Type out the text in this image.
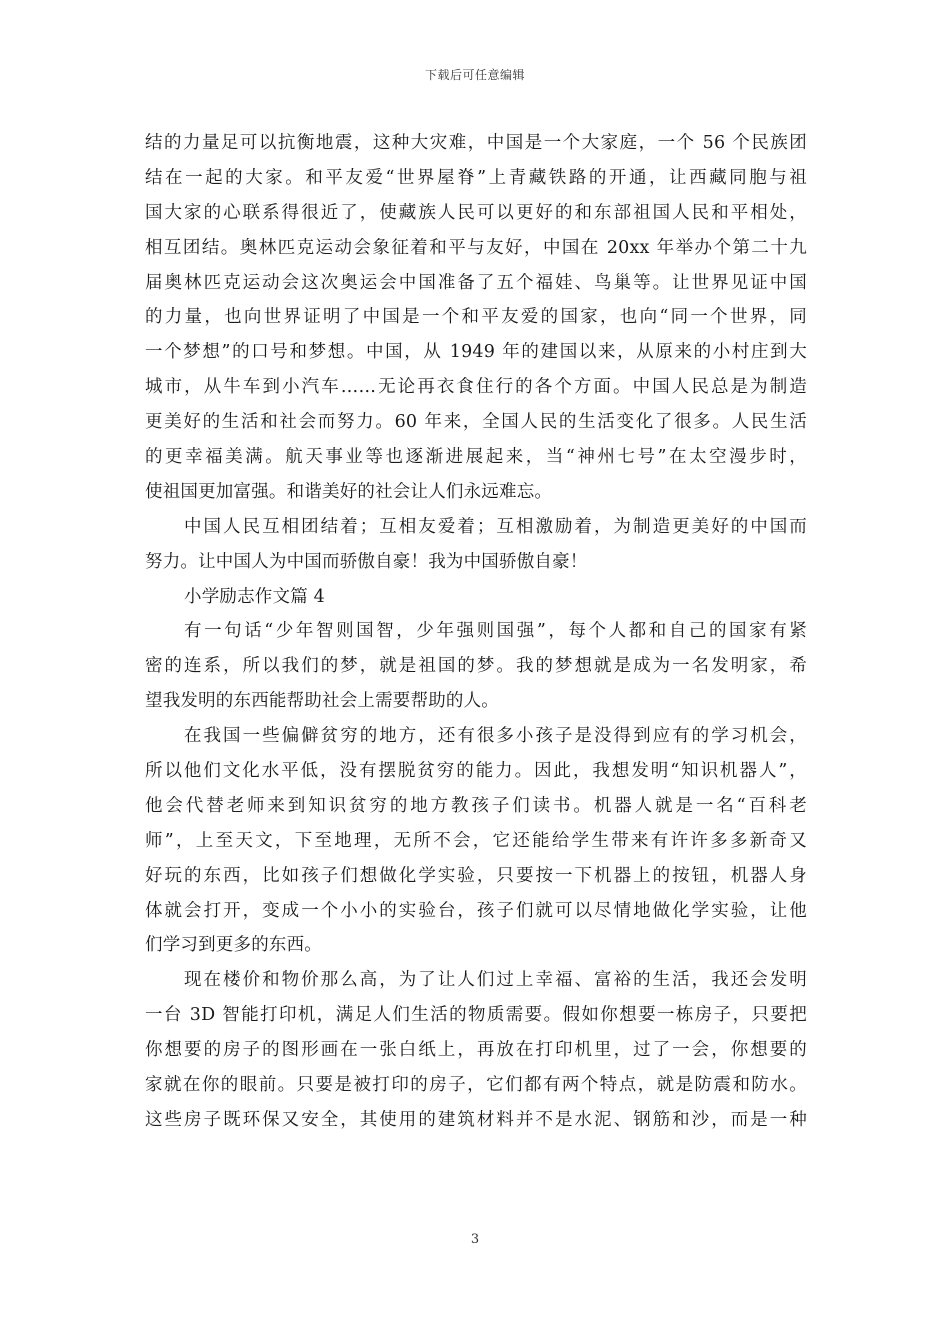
下载后可任意编辑
结的力量足可以抗衡地震，这种大灾难，中国是一个大家庭，一个 56 个民族团
结在一起的大家。和平友爱“世界屋脊”上青藏铁路的开通，让西藏同胞与祖
国大家的心联系得很近了，使藏族人民可以更好的和东部祖国人民和平相处，
相互团结。奥林匹克运动会象征着和平与友好，中国在 20xx 年举办个第二十九
届奥林匹克运动会这次奥运会中国准备了五个福娃、鸟巢等。让世界见证中国
的力量，也向世界证明了中国是一个和平友爱的国家，也向“同一个世界，同
一个梦想”的口号和梦想。中国，从 1949 年的建国以来，从原来的小村庄到大
城市，从牛车到小汽车……无论再衣食住行的各个方面。中国人民总是为制造
更美好的生活和社会而努力。60 年来，全国人民的生活变化了很多。人民生活
的更幸福美满。航天事业等也逐渐进展起来，当“神州七号”在太空漫步时，
使祖国更加富强。和谐美好的社会让人们永远难忘。
中国人民互相团结着；互相友爱着；互相激励着，为制造更美好的中国而
努力。让中国人为中国而骄傲自豪！我为中国骄傲自豪！
小学励志作文篇 4
有一句话“少年智则国智，少年强则国强”，每个人都和自己的国家有紧
密的连系，所以我们的梦，就是祖国的梦。我的梦想就是成为一名发明家，希
望我发明的东西能帮助社会上需要帮助的人。
在我国一些偏僻贫穷的地方，还有很多小孩子是没得到应有的学习机会，
所以他们文化水平低，没有摆脱贫穷的能力。因此，我想发明“知识机器人”，
他会代替老师来到知识贫穷的地方教孩子们读书。机器人就是一名“百科老
师”，上至天文，下至地理，无所不会，它还能给学生带来有许许多多新奇又
好玩的东西，比如孩子们想做化学实验，只要按一下机器上的按钮，机器人身
体就会打开，变成一个小小的实验台，孩子们就可以尽情地做化学实验，让他
们学习到更多的东西。
现在楼价和物价那么高，为了让人们过上幸福、富裕的生活，我还会发明
一台 3D 智能打印机，满足人们生活的物质需要。假如你想要一栋房子，只要把
你想要的房子的图形画在一张白纸上，再放在打印机里，过了一会，你想要的
家就在你的眼前。只要是被打印的房子，它们都有两个特点，就是防震和防水。
这些房子既环保又安全，其使用的建筑材料并不是水泥、钢筋和沙，而是一种
3
